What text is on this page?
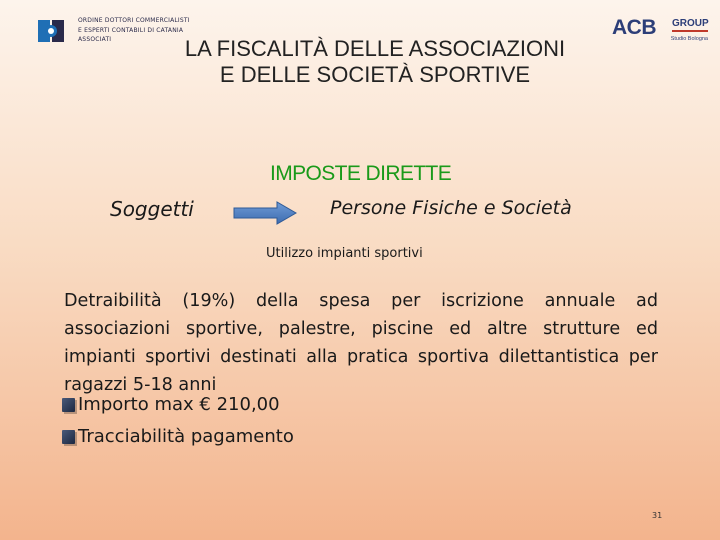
ORDINE DOTTORI COMMERCIALISTI
E ESPERTI CONTABILI DI CATANIA
ASSOCIATI
ACB GROUP
Studio Bologna
LA FISCALITÀ DELLE ASSOCIAZIONI
E DELLE SOCIETÀ SPORTIVE
IMPOSTE DIRETTE
Soggetti	Persone Fisiche e Società
Utilizzo impianti sportivi
Detraibilità (19%) della spesa per iscrizione annuale ad associazioni sportive, palestre, piscine ed altre strutture ed impianti sportivi destinati alla pratica sportiva dilettantistica per ragazzi 5-18 anni
Importo max € 210,00
Tracciabilità pagamento
31
